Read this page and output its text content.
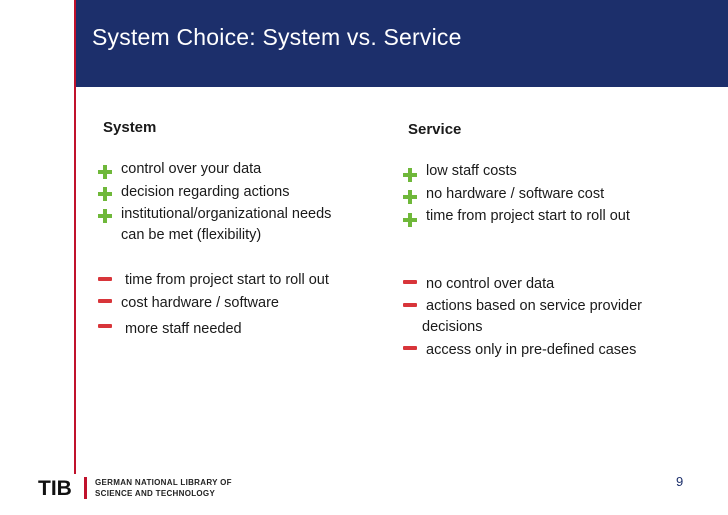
System Choice: System vs. Service
System
control over your data
decision regarding actions
institutional/organizational needs
can be met (flexibility)
time from project start to roll out
cost hardware / software
more staff needed
Service
low staff costs
no hardware / software cost
time from project start to roll out
no control over data
actions based on service provider
decisions
access only in pre-defined cases
TIB	GERMAN NATIONAL LIBRARY OF
SCIENCE AND TECHNOLOGY
9
